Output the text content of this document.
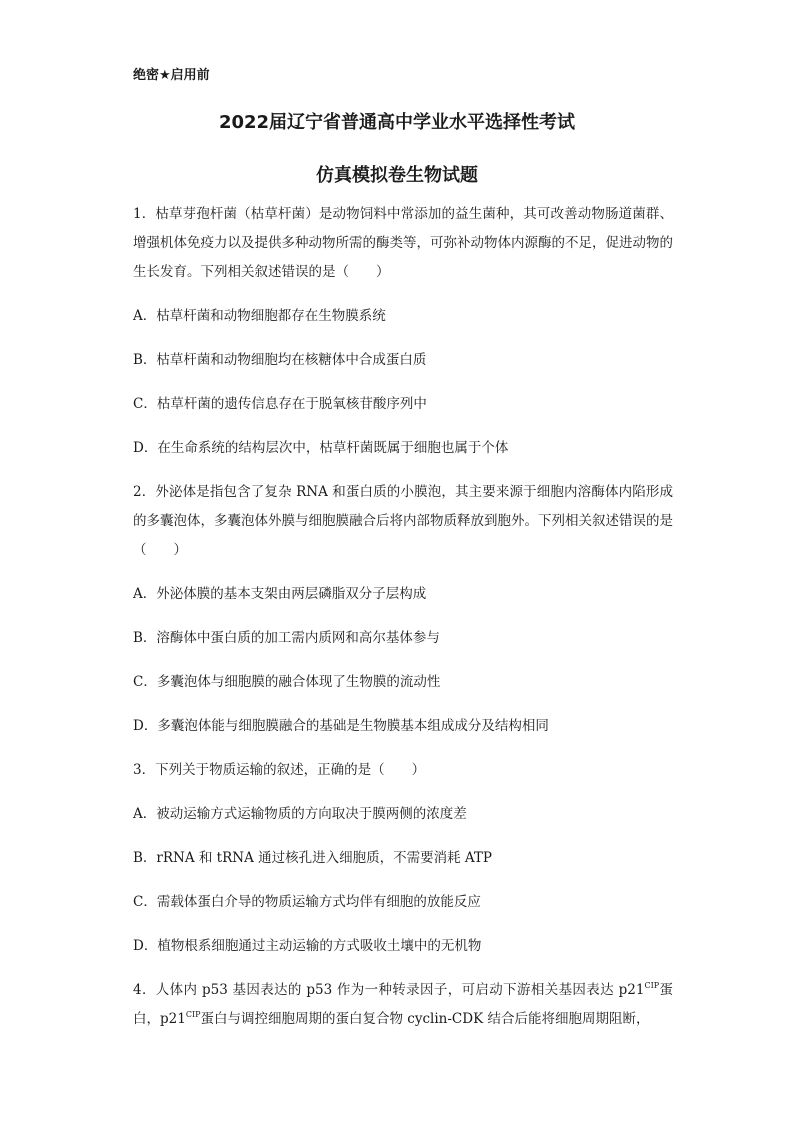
绝密★启用前
2022届辽宁省普通高中学业水平选择性考试
仿真模拟卷生物试题

1．枯草芽孢杆菌（枯草杆菌）是动物饲料中常添加的益生菌种，其可改善动物肠道菌群、增强机体免疫力以及提供多种动物所需的酶类等，可弥补动物体内源酶的不足，促进动物的生长发育。下列相关叙述错误的是（　　）

A．枯草杆菌和动物细胞都存在生物膜系统

B．枯草杆菌和动物细胞均在核糖体中合成蛋白质

C．枯草杆菌的遗传信息存在于脱氧核苷酸序列中

D．在生命系统的结构层次中，枯草杆菌既属于细胞也属于个体

2．外泌体是指包含了复杂 RNA 和蛋白质的小膜泡，其主要来源于细胞内溶酶体内陷形成的多囊泡体，多囊泡体外膜与细胞膜融合后将内部物质释放到胞外。下列相关叙述错误的是（　　）

A．外泌体膜的基本支架由两层磷脂双分子层构成

B．溶酶体中蛋白质的加工需内质网和高尔基体参与

C．多囊泡体与细胞膜的融合体现了生物膜的流动性

D．多囊泡体能与细胞膜融合的基础是生物膜基本组成成分及结构相同

3．下列关于物质运输的叙述，正确的是（　　）

A．被动运输方式运输物质的方向取决于膜两侧的浓度差

B．rRNA 和 tRNA 通过核孔进入细胞质，不需要消耗 ATP

C．需载体蛋白介导的物质运输方式均伴有细胞的放能反应

D．植物根系细胞通过主动运输的方式吸收土壤中的无机物

4．人体内 p53 基因表达的 p53 作为一种转录因子，可启动下游相关基因表达 $p21^{CIP}$蛋白，$p21^{CIP}$蛋白与调控细胞周期的蛋白复合物 cyclin-CDK 结合后能将细胞周期阻断，
